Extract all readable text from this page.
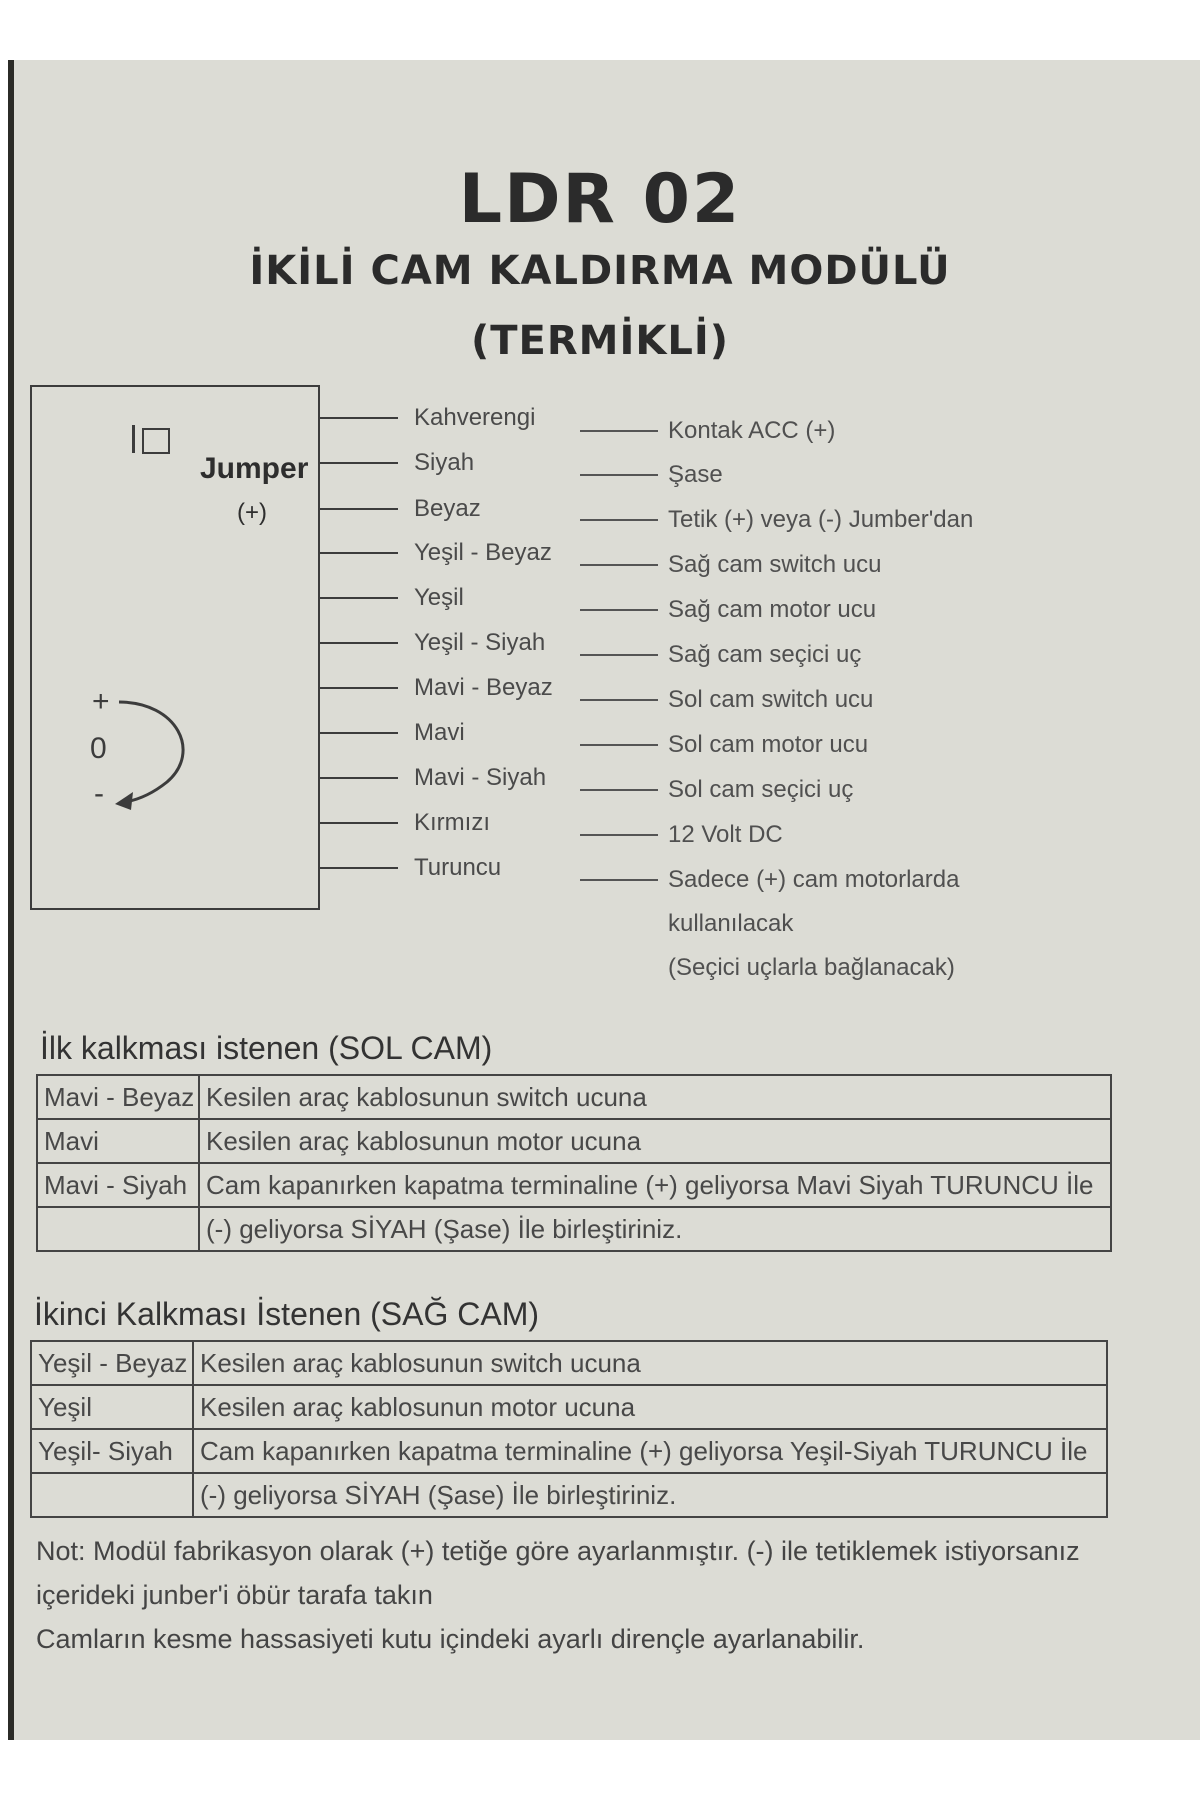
LDR 02
İKİLİ CAM KALDIRMA MODÜLÜ
(TERMİKLİ)
Jumper
(+)
+
0
-
Kahverengi	Kontak ACC (+)
Siyah	Şase
Beyaz	Tetik (+) veya (-) Jumber'dan
Yeşil - Beyaz	Sağ cam switch ucu
Yeşil	Sağ cam motor ucu
Yeşil - Siyah	Sağ cam seçici uç
Mavi - Beyaz	Sol cam switch ucu
Mavi	Sol cam motor ucu
Mavi - Siyah	Sol cam seçici uç
Kırmızı	12 Volt DC
Turuncu	Sadece (+) cam motorlarda
kullanılacak
(Seçici uçlarla bağlanacak)
İlk kalkması istenen (SOL CAM)
Mavi - Beyaz	Kesilen araç kablosunun switch ucuna
Mavi	Kesilen araç kablosunun motor ucuna
Mavi - Siyah	Cam kapanırken kapatma terminaline (+) geliyorsa Mavi Siyah TURUNCU İle
	(-) geliyorsa SİYAH (Şase) İle birleştiriniz.
İkinci Kalkması İstenen (SAĞ CAM)
Yeşil - Beyaz	Kesilen araç kablosunun switch ucuna
Yeşil	Kesilen araç kablosunun motor ucuna
Yeşil- Siyah	Cam kapanırken kapatma terminaline (+) geliyorsa Yeşil-Siyah TURUNCU İle
	(-) geliyorsa SİYAH (Şase) İle birleştiriniz.
Not: Modül fabrikasyon olarak (+) tetiğe göre ayarlanmıştır. (-) ile tetiklemek istiyorsanız
içerideki junber'i öbür tarafa takın
Camların kesme hassasiyeti kutu içindeki ayarlı dirençle ayarlanabilir.
